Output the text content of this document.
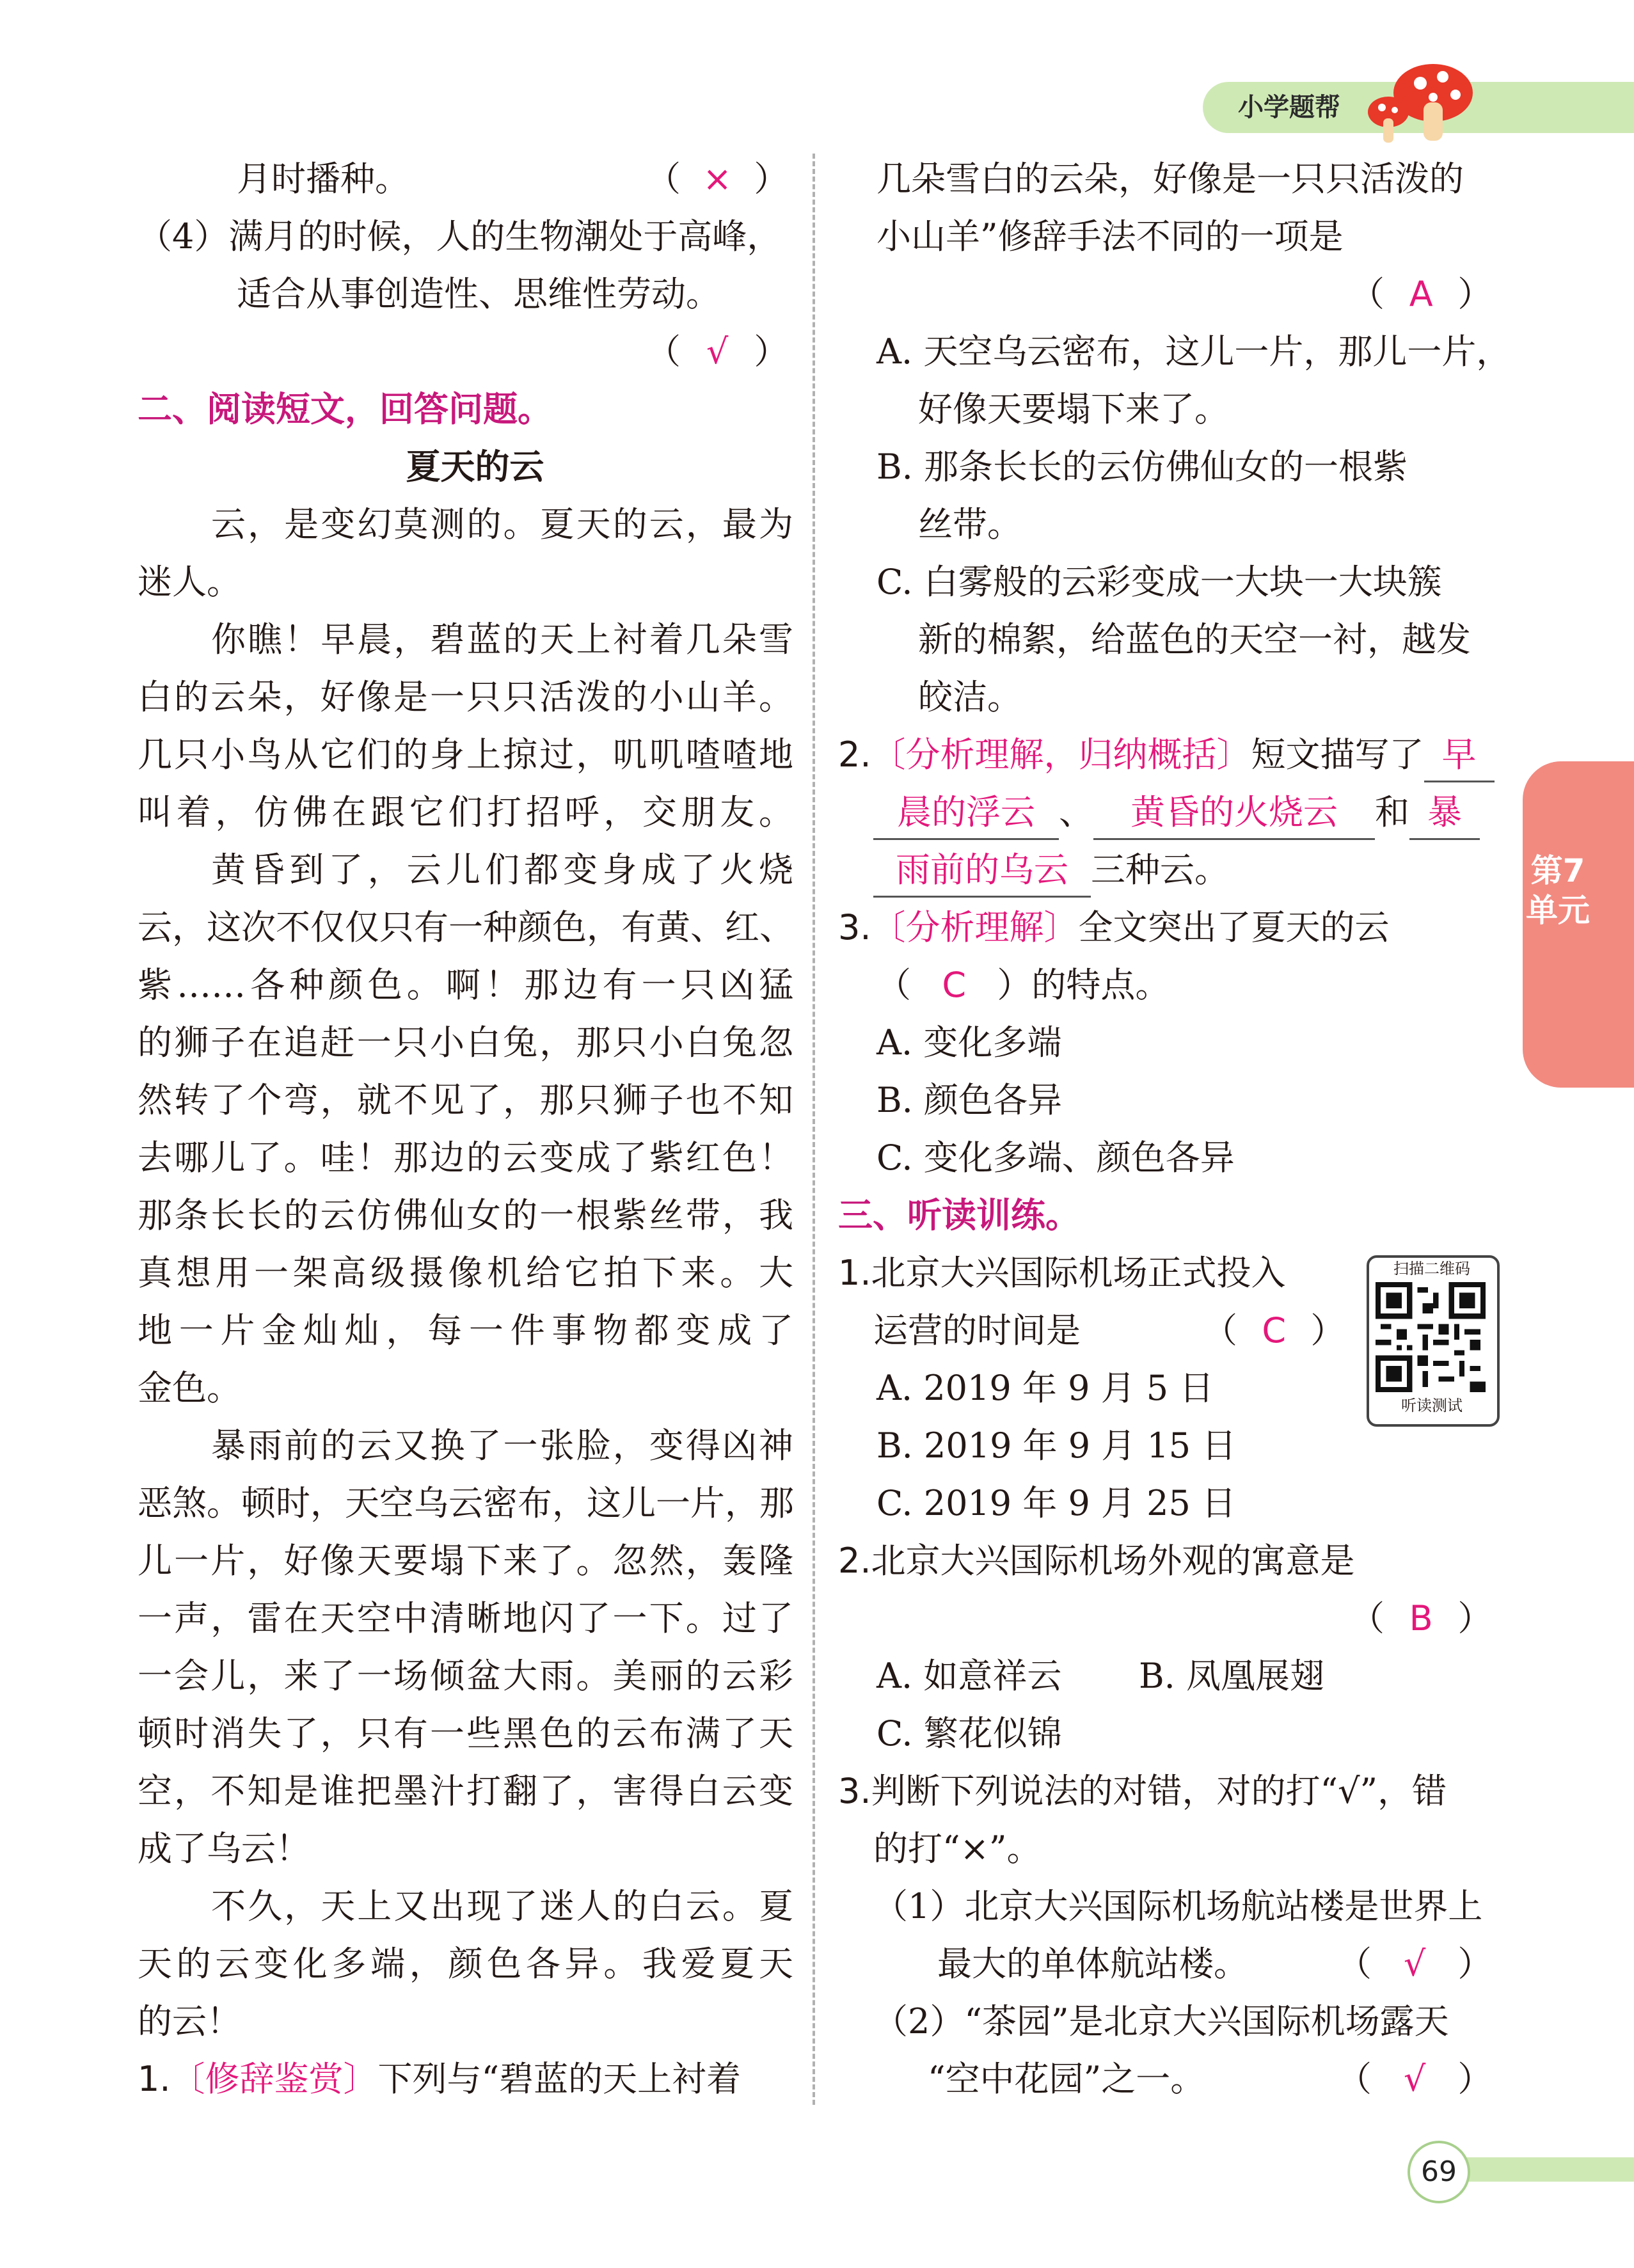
小学题帮
第7单元
月时播种。	（ × ）
（4）满月的时候，人的生物潮处于高峰，
适合从事创造性、思维性劳动。
（ √ ）
二、阅读短文，回答问题。
夏天的云
云，是变幻莫测的。夏天的云，最为
迷人。
你瞧！早晨，碧蓝的天上衬着几朵雪
白的云朵，好像是一只只活泼的小山羊。
几只小鸟从它们的身上掠过，叽叽喳喳地
叫着，仿佛在跟它们打招呼，交朋友。
黄昏到了，云儿们都变身成了火烧
云，这次不仅仅只有一种颜色，有黄、红、
紫……各种颜色。啊！那边有一只凶猛
的狮子在追赶一只小白兔，那只小白兔忽
然转了个弯，就不见了，那只狮子也不知
去哪儿了。哇！那边的云变成了紫红色！
那条长长的云仿佛仙女的一根紫丝带，我
真想用一架高级摄像机给它拍下来。大
地一片金灿灿，每一件事物都变成了
金色。
暴雨前的云又换了一张脸，变得凶神
恶煞。顿时，天空乌云密布，这儿一片，那
儿一片，好像天要塌下来了。忽然，轰隆
一声，雷在天空中清晰地闪了一下。过了
一会儿，来了一场倾盆大雨。美丽的云彩
顿时消失了，只有一些黑色的云布满了天
空，不知是谁把墨汁打翻了，害得白云变
成了乌云！
不久，天上又出现了迷人的白云。夏
天的云变化多端，颜色各异。我爱夏天
的云！
1.〔修辞鉴赏〕下列与“碧蓝的天上衬着
几朵雪白的云朵，好像是一只只活泼的
小山羊”修辞手法不同的一项是
（ A ）
A. 天空乌云密布，这儿一片，那儿一片，
好像天要塌下来了。
B. 那条长长的云仿佛仙女的一根紫
丝带。
C. 白雾般的云彩变成一大块一大块簇
新的棉絮，给蓝色的天空一衬，越发
皎洁。
2.〔分析理解，归纳概括〕短文描写了 早
晨的浮云 、 黄昏的火烧云 和 暴
雨前的乌云 三种云。
3.〔分析理解〕全文突出了夏天的云
（ C ）的特点。
A. 变化多端
B. 颜色各异
C. 变化多端、颜色各异
三、听读训练。
1.北京大兴国际机场正式投入
运营的时间是	（ C ）
A. 2019 年 9 月 5 日
B. 2019 年 9 月 15 日
C. 2019 年 9 月 25 日
扫描二维码
听读测试
2.北京大兴国际机场外观的寓意是
（ B ）
A. 如意祥云 B. 凤凰展翅
C. 繁花似锦
3.判断下列说法的对错，对的打“√”，错
的打“×”。
（1）北京大兴国际机场航站楼是世界上
最大的单体航站楼。	（ √ ）
（2）“茶园”是北京大兴国际机场露天
“空中花园”之一。	（ √ ）
69
